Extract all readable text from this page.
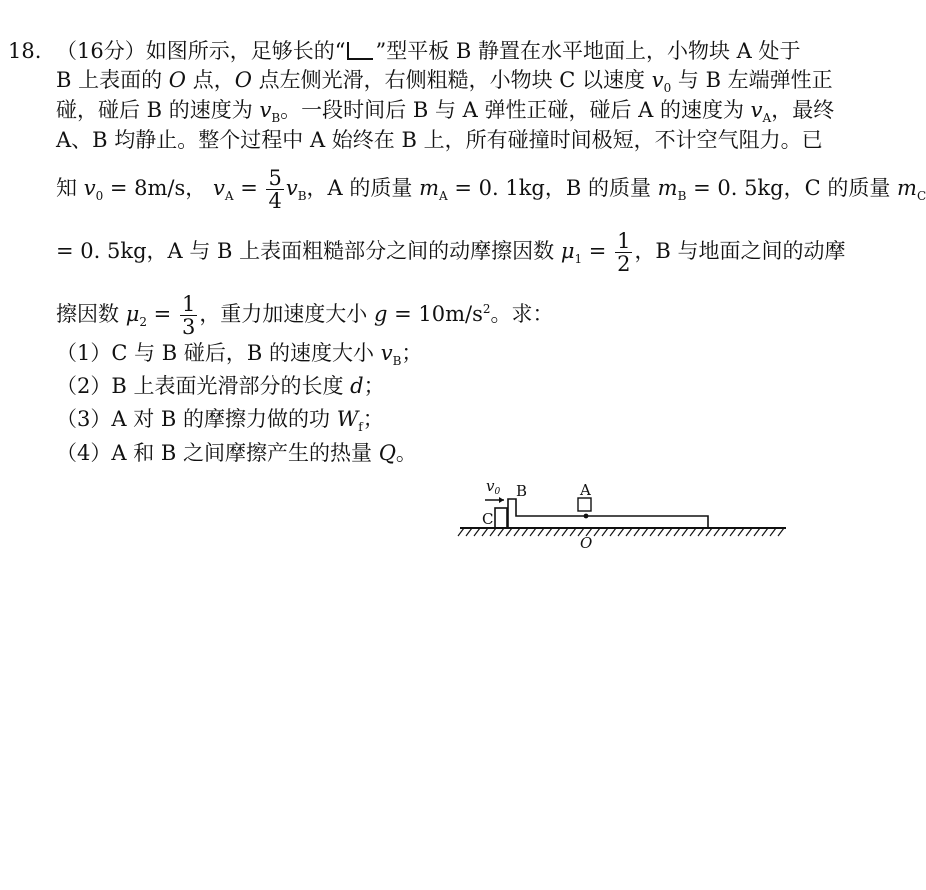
18. （16分）如图所示，足够长的“ ”型平板 B 静置在水平地面上，小物块 A 处于
B 上表面的 O 点，O 点左侧光滑，右侧粗糙，小物块 C 以速度 $v_0$ 与 B 左端弹性正
碰，碰后 B 的速度为 $v_B$。一段时间后 B 与 A 弹性正碰，碰后 A 的速度为 $v_A$，最终
A、B 均静止。整个过程中 A 始终在 B 上，所有碰撞时间极短，不计空气阻力。已
知 $v_0 = 8m/s$， $v_A = \frac{5}{4} v_B$，A 的质量 $m_A = 0$. 1kg，B 的质量 $m_B = 0$. 5kg，C 的质量 $m_C$
= 0. 5kg，A 与 B 上表面粗糙部分之间的动摩擦因数 $\mu_1 = \frac{1}{2}$ ，B 与地面之间的动摩
擦因数 $\mu_2 = \frac{1}{3}$ ，重力加速度大小 $g = 10m/s^2$。求：
（1）C 与 B 碰后，B 的速度大小 $v_B$；
（2）B 上表面光滑部分的长度 d；
（3）A 对 B 的摩擦力做的功 $W_f$；
（4）A 和 B 之间摩擦产生的热量 Q。
$v_0$ B	A
C
O
